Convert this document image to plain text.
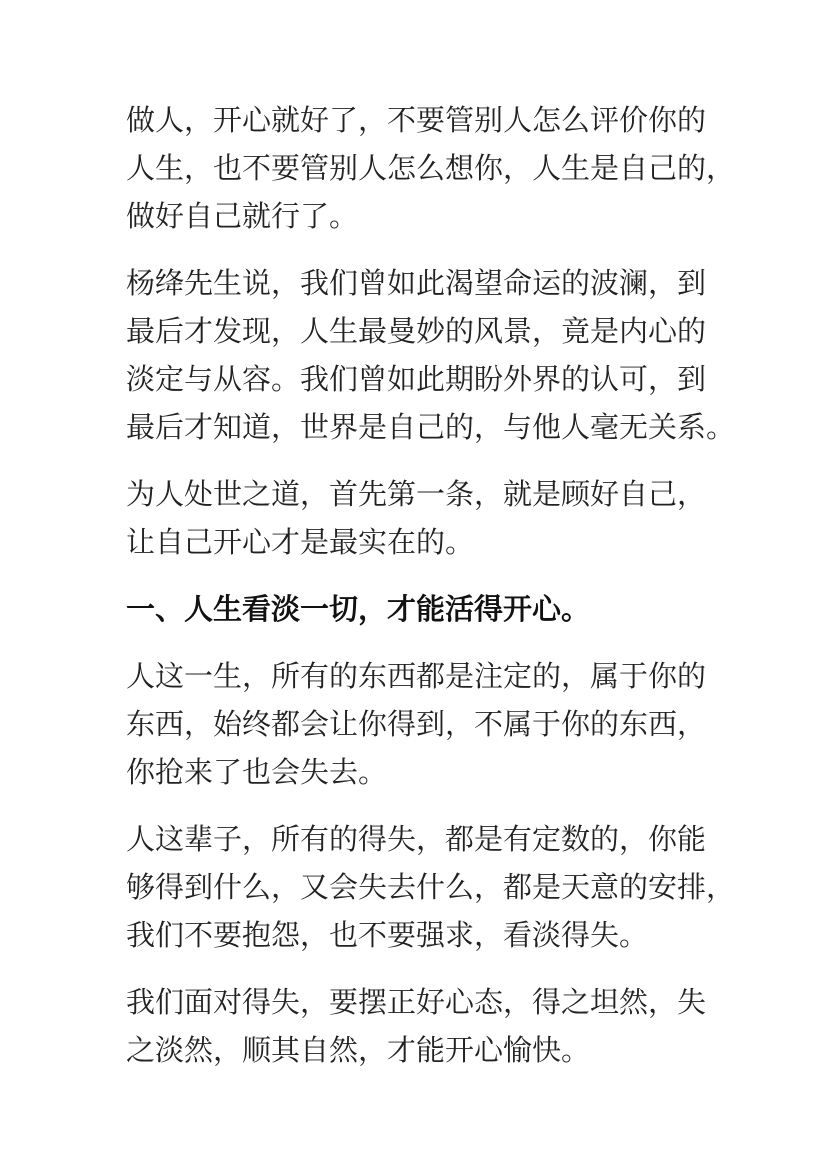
做人，开心就好了，不要管别人怎么评价你的
人生，也不要管别人怎么想你，人生是自己的，
做好自己就行了。

杨绛先生说，我们曾如此渴望命运的波澜，到
最后才发现，人生最曼妙的风景，竟是内心的
淡定与从容。我们曾如此期盼外界的认可，到
最后才知道，世界是自己的，与他人毫无关系。

为人处世之道，首先第一条，就是顾好自己，
让自己开心才是最实在的。

一、人生看淡一切，才能活得开心。

人这一生，所有的东西都是注定的，属于你的
东西，始终都会让你得到，不属于你的东西，
你抢来了也会失去。

人这辈子，所有的得失，都是有定数的，你能
够得到什么，又会失去什么，都是天意的安排，
我们不要抱怨，也不要强求，看淡得失。

我们面对得失，要摆正好心态，得之坦然，失
之淡然，顺其自然，才能开心愉快。
